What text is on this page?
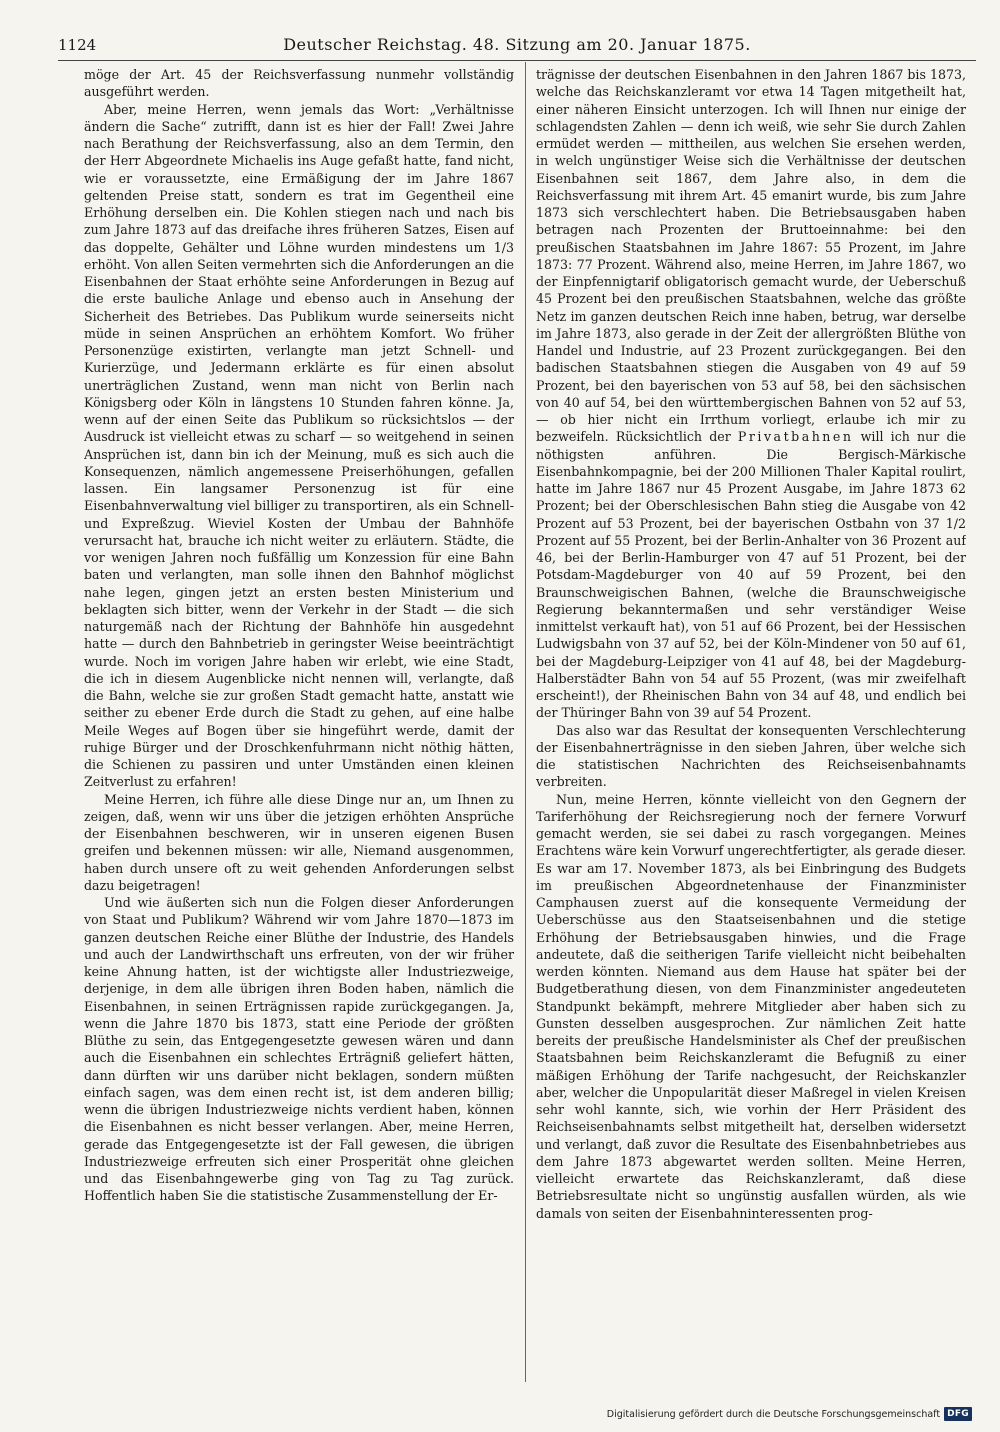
1124	Deutscher Reichstag. 48. Sitzung am 20. Januar 1875.

möge der Art. 45 der Reichsverfassung nunmehr vollständig ausgeführt werden.

Aber, meine Herren, wenn jemals das Wort: „Verhältnisse ändern die Sache“ zutrifft, dann ist es hier der Fall! Zwei Jahre nach Berathung der Reichsverfassung, also an dem Termin, den der Herr Abgeordnete Michaelis ins Auge gefaßt hatte, fand nicht, wie er voraussetzte, eine Ermäßigung der im Jahre 1867 geltenden Preise statt, sondern es trat im Gegentheil eine Erhöhung derselben ein. Die Kohlen stiegen nach und nach bis zum Jahre 1873 auf das dreifache ihres früheren Satzes, Eisen auf das doppelte, Gehälter und Löhne wurden mindestens um 1/3 erhöht. Von allen Seiten vermehrten sich die Anforderungen an die Eisenbahnen der Staat erhöhte seine Anforderungen in Bezug auf die erste bauliche Anlage und ebenso auch in Ansehung der Sicherheit des Betriebes. Das Publikum wurde seinerseits nicht müde in seinen Ansprüchen an erhöhtem Komfort. Wo früher Personenzüge existirten, verlangte man jetzt Schnell- und Kurierzüge, und Jedermann erklärte es für einen absolut unerträglichen Zustand, wenn man nicht von Berlin nach Königsberg oder Köln in längstens 10 Stunden fahren könne. Ja, wenn auf der einen Seite das Publikum so rücksichtslos — der Ausdruck ist vielleicht etwas zu scharf — so weitgehend in seinen Ansprüchen ist, dann bin ich der Meinung, muß es sich auch die Konsequenzen, nämlich angemessene Preiserhöhungen, gefallen lassen. Ein langsamer Personenzug ist für eine Eisenbahnverwaltung viel billiger zu transportiren, als ein Schnell- und Expreßzug. Wieviel Kosten der Umbau der Bahnhöfe verursacht hat, brauche ich nicht weiter zu erläutern. Städte, die vor wenigen Jahren noch fußfällig um Konzession für eine Bahn baten und verlangten, man solle ihnen den Bahnhof möglichst nahe legen, gingen jetzt an ersten besten Ministerium und beklagten sich bitter, wenn der Verkehr in der Stadt — die sich naturgemäß nach der Richtung der Bahnhöfe hin ausgedehnt hatte — durch den Bahnbetrieb in geringster Weise beeinträchtigt wurde. Noch im vorigen Jahre haben wir erlebt, wie eine Stadt, die ich in diesem Augenblicke nicht nennen will, verlangte, daß die Bahn, welche sie zur großen Stadt gemacht hatte, anstatt wie seither zu ebener Erde durch die Stadt zu gehen, auf eine halbe Meile Weges auf Bogen über sie hingeführt werde, damit der ruhige Bürger und der Droschkenfuhrmann nicht nöthig hätten, die Schienen zu passiren und unter Umständen einen kleinen Zeitverlust zu erfahren!

Meine Herren, ich führe alle diese Dinge nur an, um Ihnen zu zeigen, daß, wenn wir uns über die jetzigen erhöhten Ansprüche der Eisenbahnen beschweren, wir in unseren eigenen Busen greifen und bekennen müssen: wir alle, Niemand ausgenommen, haben durch unsere oft zu weit gehenden Anforderungen selbst dazu beigetragen!

Und wie äußerten sich nun die Folgen dieser Anforderungen von Staat und Publikum? Während wir vom Jahre 1870—1873 im ganzen deutschen Reiche einer Blüthe der Industrie, des Handels und auch der Landwirthschaft uns erfreuten, von der wir früher keine Ahnung hatten, ist der wichtigste aller Industriezweige, derjenige, in dem alle übrigen ihren Boden haben, nämlich die Eisenbahnen, in seinen Erträgnissen rapide zurückgegangen. Ja, wenn die Jahre 1870 bis 1873, statt eine Periode der größten Blüthe zu sein, das Entgegengesetzte gewesen wären und dann auch die Eisenbahnen ein schlechtes Erträgniß geliefert hätten, dann dürften wir uns darüber nicht beklagen, sondern müßten einfach sagen, was dem einen recht ist, ist dem anderen billig; wenn die übrigen Industriezweige nichts verdient haben, können die Eisenbahnen es nicht besser verlangen. Aber, meine Herren, gerade das Entgegengesetzte ist der Fall gewesen, die übrigen Industriezweige erfreuten sich einer Prosperität ohne gleichen und das Eisenbahngewerbe ging von Tag zu Tag zurück. Hoffentlich haben Sie die statistische Zusammenstellung der Er-

trägnisse der deutschen Eisenbahnen in den Jahren 1867 bis 1873, welche das Reichskanzleramt vor etwa 14 Tagen mitgetheilt hat, einer näheren Einsicht unterzogen. Ich will Ihnen nur einige der schlagendsten Zahlen — denn ich weiß, wie sehr Sie durch Zahlen ermüdet werden — mittheilen, aus welchen Sie ersehen werden, in welch ungünstiger Weise sich die Verhältnisse der deutschen Eisenbahnen seit 1867, dem Jahre also, in dem die Reichsverfassung mit ihrem Art. 45 emanirt wurde, bis zum Jahre 1873 sich verschlechtert haben. Die Betriebsausgaben haben betragen nach Prozenten der Bruttoeinnahme: bei den preußischen Staatsbahnen im Jahre 1867: 55 Prozent, im Jahre 1873: 77 Prozent. Während also, meine Herren, im Jahre 1867, wo der Einpfennigtarif obligatorisch gemacht wurde, der Ueberschuß 45 Prozent bei den preußischen Staatsbahnen, welche das größte Netz im ganzen deutschen Reich inne haben, betrug, war derselbe im Jahre 1873, also gerade in der Zeit der allergrößten Blüthe von Handel und Industrie, auf 23 Prozent zurückgegangen. Bei den badischen Staatsbahnen stiegen die Ausgaben von 49 auf 59 Prozent, bei den bayerischen von 53 auf 58, bei den sächsischen von 40 auf 54, bei den württembergischen Bahnen von 52 auf 53, — ob hier nicht ein Irrthum vorliegt, erlaube ich mir zu bezweifeln. Rücksichtlich der Privatbahnen will ich nur die nöthigsten anführen. Die Bergisch-Märkische Eisenbahnkompagnie, bei der 200 Millionen Thaler Kapital roulirt, hatte im Jahre 1867 nur 45 Prozent Ausgabe, im Jahre 1873 62 Prozent; bei der Oberschlesischen Bahn stieg die Ausgabe von 42 Prozent auf 53 Prozent, bei der bayerischen Ostbahn von 37 1/2 Prozent auf 55 Prozent, bei der Berlin-Anhalter von 36 Prozent auf 46, bei der Berlin-Hamburger von 47 auf 51 Prozent, bei der Potsdam-Magdeburger von 40 auf 59 Prozent, bei den Braunschweigischen Bahnen, (welche die Braunschweigische Regierung bekanntermaßen und sehr verständiger Weise inmittelst verkauft hat), von 51 auf 66 Prozent, bei der Hessischen Ludwigsbahn von 37 auf 52, bei der Köln-Mindener von 50 auf 61, bei der Magdeburg-Leipziger von 41 auf 48, bei der Magdeburg-Halberstädter Bahn von 54 auf 55 Prozent, (was mir zweifelhaft erscheint!), der Rheinischen Bahn von 34 auf 48, und endlich bei der Thüringer Bahn von 39 auf 54 Prozent.

Das also war das Resultat der konsequenten Verschlechterung der Eisenbahnerträgnisse in den sieben Jahren, über welche sich die statistischen Nachrichten des Reichseisenbahnamts verbreiten.

Nun, meine Herren, könnte vielleicht von den Gegnern der Tariferhöhung der Reichsregierung noch der fernere Vorwurf gemacht werden, sie sei dabei zu rasch vorgegangen. Meines Erachtens wäre kein Vorwurf ungerechtfertigter, als gerade dieser. Es war am 17. November 1873, als bei Einbringung des Budgets im preußischen Abgeordnetenhause der Finanzminister Camphausen zuerst auf die konsequente Vermeidung der Ueberschüsse aus den Staatseisenbahnen und die stetige Erhöhung der Betriebsausgaben hinwies, und die Frage andeutete, daß die seitherigen Tarife vielleicht nicht beibehalten werden könnten. Niemand aus dem Hause hat später bei der Budgetberathung diesen, von dem Finanzminister angedeuteten Standpunkt bekämpft, mehrere Mitglieder aber haben sich zu Gunsten desselben ausgesprochen. Zur nämlichen Zeit hatte bereits der preußische Handelsminister als Chef der preußischen Staatsbahnen beim Reichskanzleramt die Befugniß zu einer mäßigen Erhöhung der Tarife nachgesucht, der Reichskanzler aber, welcher die Unpopularität dieser Maßregel in vielen Kreisen sehr wohl kannte, sich, wie vorhin der Herr Präsident des Reichseisenbahnamts selbst mitgetheilt hat, derselben widersetzt und verlangt, daß zuvor die Resultate des Eisenbahnbetriebes aus dem Jahre 1873 abgewartet werden sollten. Meine Herren, vielleicht erwartete das Reichskanzleramt, daß diese Betriebsresultate nicht so ungünstig ausfallen würden, als wie damals von seiten der Eisenbahninteressenten prog-

Digitalisierung gefördert durch die Deutsche Forschungsgemeinschaft DFG
